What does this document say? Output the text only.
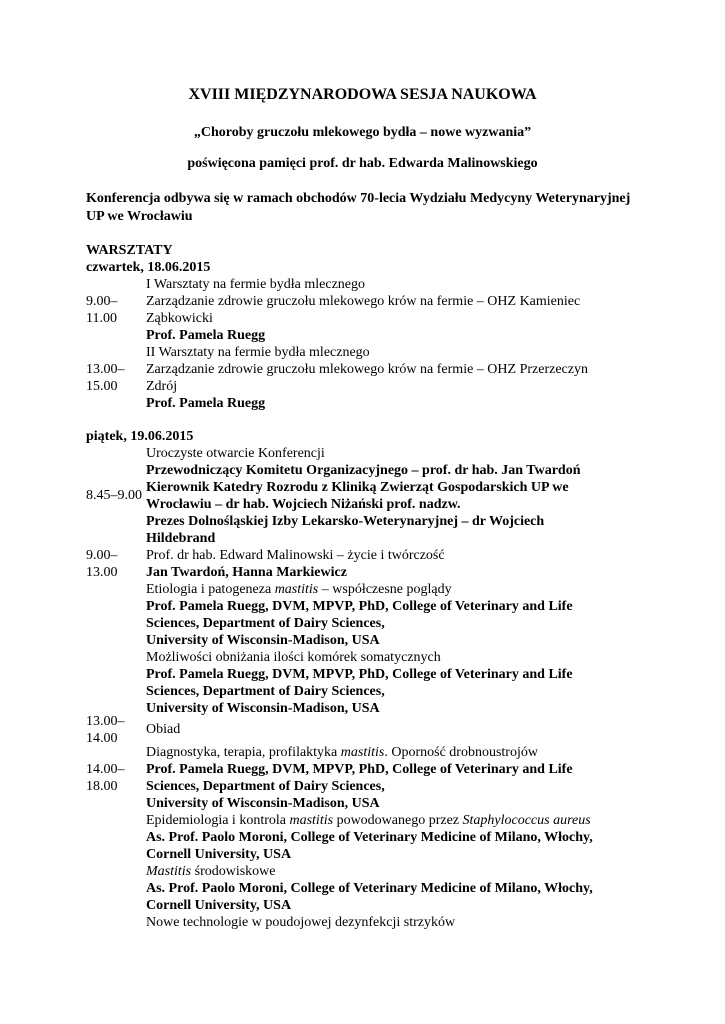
XVIII MIĘDZYNARODOWA SESJA NAUKOWA
„Choroby gruczołu mlekowego bydła – nowe wyzwania”
poświęcona pamięci prof. dr hab. Edwarda Malinowskiego
Konferencja odbywa się w ramach obchodów 70-lecia Wydziału Medycyny Weterynaryjnej UP we Wrocławiu
WARSZTATY
czwartek, 18.06.2015
9.00–
11.00
I Warsztaty na fermie bydła mlecznego
Zarządzanie zdrowie gruczołu mlekowego krów na fermie – OHZ Kamieniec
Ząbkowicki
Prof. Pamela Ruegg
13.00–
15.00
II Warsztaty na fermie bydła mlecznego
Zarządzanie zdrowie gruczołu mlekowego krów na fermie – OHZ Przerzeczyn
Zdrój
Prof. Pamela Ruegg
piątek, 19.06.2015
8.45–9.00
Uroczyste otwarcie Konferencji
Przewodniczący Komitetu Organizacyjnego – prof. dr hab. Jan Twardoń
Kierownik Katedry Rozrodu z Kliniką Zwierząt Gospodarskich UP we
Wrocławiu – dr hab. Wojciech Niżański prof. nadzw.
Prezes Dolnośląskiej Izby Lekarsko-Weterynaryjnej – dr Wojciech
Hildebrand
9.00–
13.00
Prof. dr hab. Edward Malinowski – życie i twórczość
Jan Twardoń, Hanna Markiewicz
Etiologia i patogeneza mastitis – współczesne poglądy
Prof. Pamela Ruegg, DVM, MPVP, PhD, College of Veterinary and Life
Sciences, Department of Dairy Sciences,
University of Wisconsin-Madison, USA
Możliwości obniżania ilości komórek somatycznych
Prof. Pamela Ruegg, DVM, MPVP, PhD, College of Veterinary and Life
Sciences, Department of Dairy Sciences,
University of Wisconsin-Madison, USA
13.00–
14.00
Obiad
14.00–
18.00
Diagnostyka, terapia, profilaktyka mastitis. Oporność drobnoustrojów
Prof. Pamela Ruegg, DVM, MPVP, PhD, College of Veterinary and Life
Sciences, Department of Dairy Sciences,
University of Wisconsin-Madison, USA
Epidemiologia i kontrola mastitis powodowanego przez Staphylococcus aureus
As. Prof. Paolo Moroni, College of Veterinary Medicine of Milano, Włochy,
Cornell University, USA
Mastitis środowiskowe
As. Prof. Paolo Moroni, College of Veterinary Medicine of Milano, Włochy,
Cornell University, USA
Nowe technologie w poudojowej dezynfekcji strzyków
